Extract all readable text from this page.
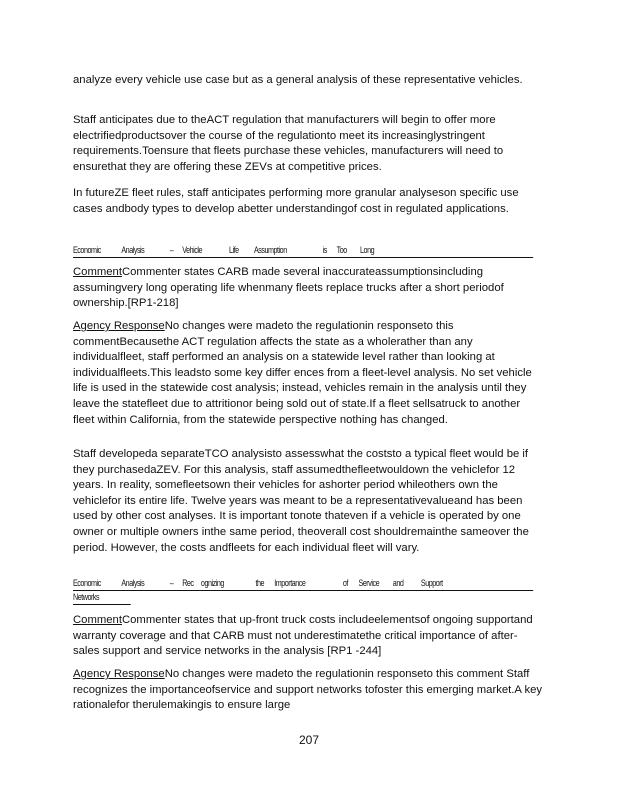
analyze every vehicle use case but as a general analysis of these representative vehicles.

Staff anticipates due to theACT regulation that manufacturers will begin to offer more electrifiedproductsover the course of the regulationto meet its increasinglystringent requirements.Toensure that fleets purchase these vehicles, manufacturers will need to ensurethat they are offering these ZEVs at competitive prices.

In futureZE fleet rules, staff anticipates performing more granular analyseson specific use cases andbody types to develop abetter understandingof cost in regulated applications.

Economic Analysis	– Vehicle	Life Assumption	is Too Long

CommentCommenter states CARB made several inaccurateassumptionsincluding assumingvery long operating life whenmany fleets replace trucks after a short periodof ownership.[RP1-218]

Agency ResponseNo changes were madeto the regulationin responseto this commentBecausethe ACT regulation affects the state as a wholerather than any individualfleet, staff performed an analysis on a statewide level rather than looking at individualfleets.This leadsto some key differ ences from a fleet-level analysis. No set vehicle life is used in the statewide cost analysis; instead, vehicles remain in the analysis until they leave the statefleet due to attritionor being sold out of state.If a fleet sellsatruck to another fleet within California, from the statewide perspective nothing has changed.

Staff developeda separateTCO analysisto assesswhat the coststo a typical fleet would be if they purchasedaZEV. For this analysis, staff assumedthefleetwouldown the vehiclefor 12 years. In reality, somefleetsown their vehicles for ashorter period whileothers own the vehiclefor its entire life. Twelve years was meant to be a representativevalueand has been used by other cost analyses. It is important tonote thateven if a vehicle is operated by one owner or multiple owners inthe same period, theoverall cost shouldremainthe sameover the period. However, the costs andfleets for each individual fleet will vary.

Economic Analysis	– Rec ognizing	the Importance	of Service and Support
Networks

CommentCommenter states that up-front truck costs includeelementsof ongoing supportand warranty coverage and that CARB must not underestimatethe critical importance of after-sales support and service networks in the analysis [RP1 -244]

Agency ResponseNo changes were madeto the regulationin responseto this comment Staff recognizes the importanceofservice and support networks tofoster this emerging market.A key rationalefor therulemakingis to ensure large

207
